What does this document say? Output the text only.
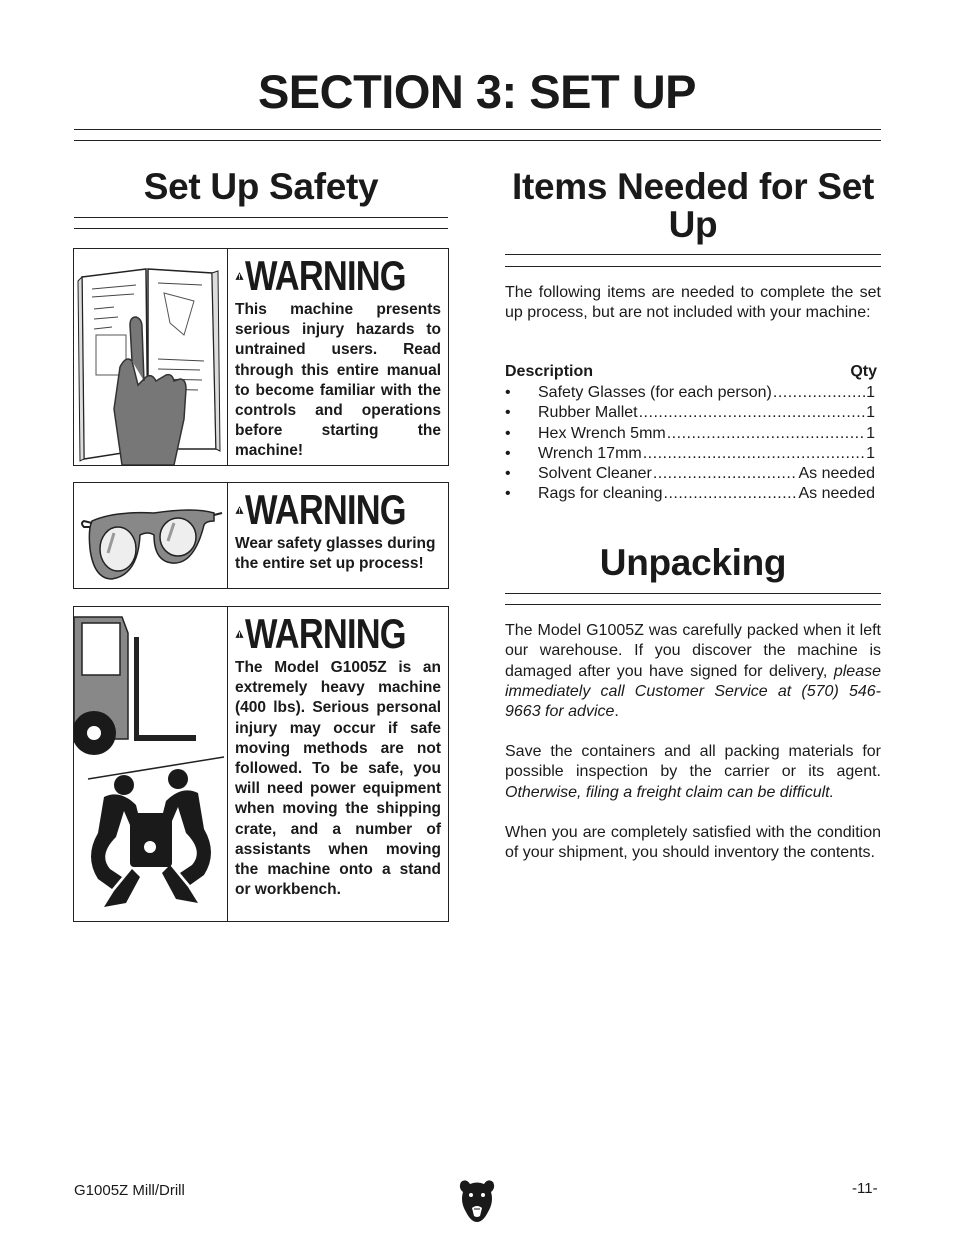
SECTION 3: SET UP
Set Up Safety
WARNING
This machine presents serious injury hazards to untrained users. Read through this entire manual to become familiar with the controls and operations before starting the machine!
WARNING
Wear safety glasses during the entire set up process!
WARNING
The Model G1005Z is an extremely heavy machine (400 lbs). Serious personal injury may occur if safe moving methods are not followed. To be safe, you will need power equipment when moving the shipping crate, and a number of assistants when moving the machine onto a stand or workbench.
Items Needed for Set Up

The following items are needed to complete the set up process, but are not included with your machine:

Description	Qty
•	Safety Glasses (for each person) .....	1
•	Rubber Mallet .....	1
•	Hex Wrench 5mm .....	1
•	Wrench 17mm .....	1
•	Solvent Cleaner .....	As needed
•	Rags for cleaning .....	As needed
Unpacking

The Model G1005Z was carefully packed when it left our warehouse. If you discover the machine is damaged after you have signed for delivery, please immediately call Customer Service at (570) 546-9663 for advice.

Save the containers and all packing materials for possible inspection by the carrier or its agent. Otherwise, filing a freight claim can be difficult.

When you are completely satisfied with the condition of your shipment, you should inventory the contents.

G1005Z Mill/Drill	-11-
